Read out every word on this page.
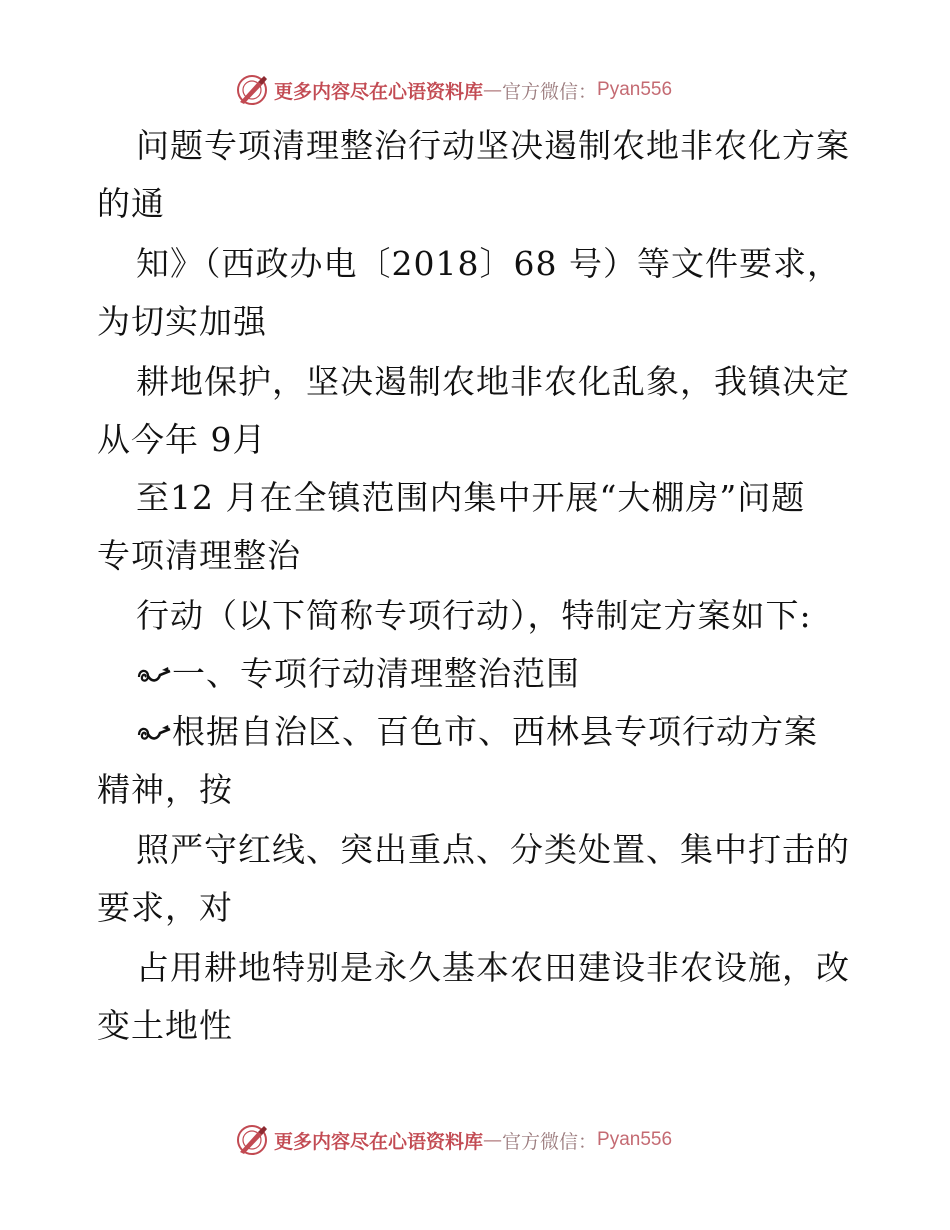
更多内容尽在心语资料库 — 官方微信： Pyan556
问题专项清理整治行动坚决遏制农地非农化方案
的通
知》（西政办电〔2018〕68 号）等文件要求，
为切实加强
耕地保护，坚决遏制农地非农化乱象，我镇决定
从今年 9月
至12 月在全镇范围内集中开展“大棚房”问题
专项清理整治
行动（以下简称专项行动），特制定方案如下:
一、专项行动清理整治范围
根据自治区、百色市、西林县专项行动方案
精神，按
照严守红线、突出重点、分类处置、集中打击的
要求，对
占用耕地特别是永久基本农田建设非农设施，改
变土地性
更多内容尽在心语资料库 — 官方微信： Pyan556
